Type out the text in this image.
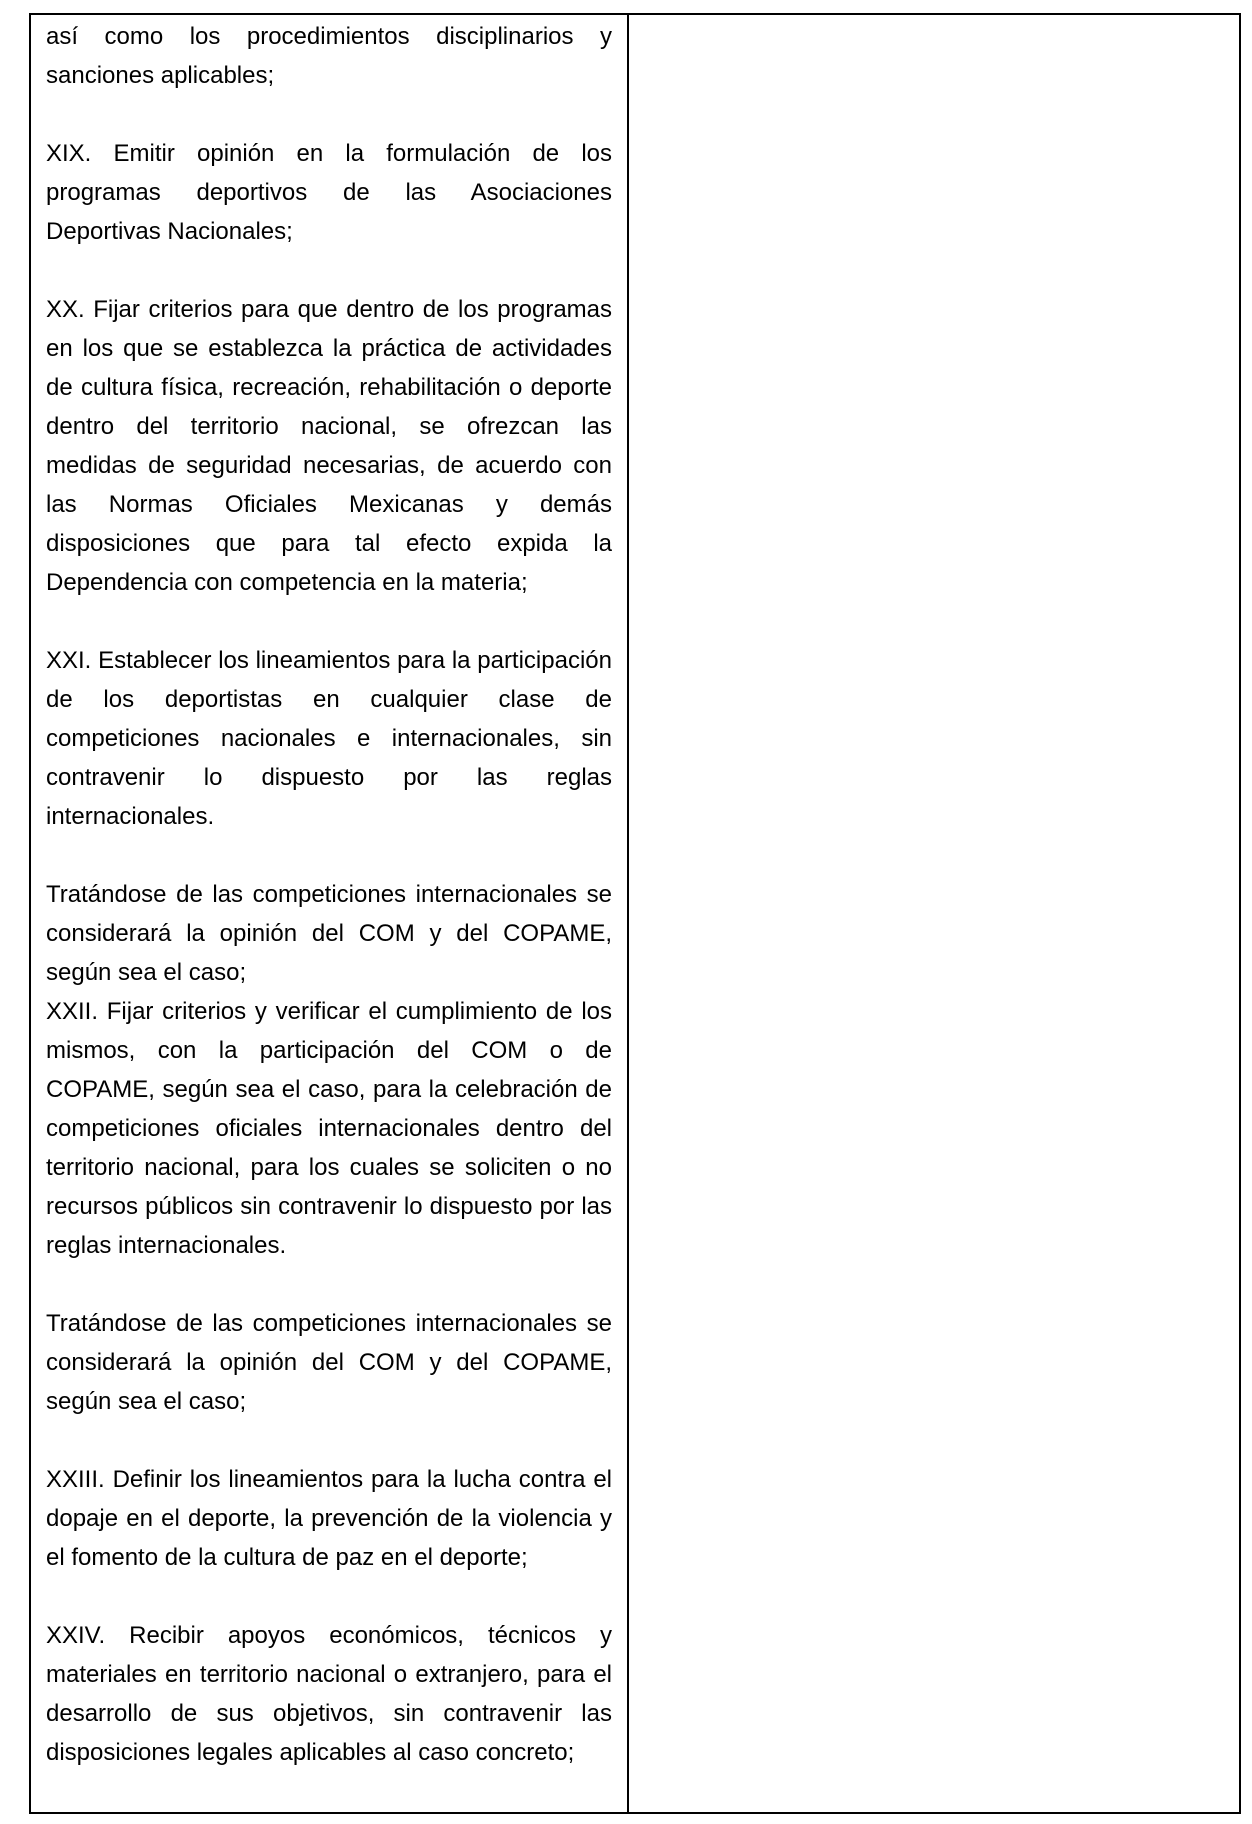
así como los procedimientos disciplinarios y sanciones aplicables;

XIX. Emitir opinión en la formulación de los programas deportivos de las Asociaciones Deportivas Nacionales;

XX. Fijar criterios para que dentro de los programas en los que se establezca la práctica de actividades de cultura física, recreación, rehabilitación o deporte dentro del territorio nacional, se ofrezcan las medidas de seguridad necesarias, de acuerdo con las Normas Oficiales Mexicanas y demás disposiciones que para tal efecto expida la Dependencia con competencia en la materia;

XXI. Establecer los lineamientos para la participación de los deportistas en cualquier clase de competiciones nacionales e internacionales, sin contravenir lo dispuesto por las reglas internacionales.

Tratándose de las competiciones internacionales se considerará la opinión del COM y del COPAME, según sea el caso;

XXII. Fijar criterios y verificar el cumplimiento de los mismos, con la participación del COM o de COPAME, según sea el caso, para la celebración de competiciones oficiales internacionales dentro del territorio nacional, para los cuales se soliciten o no recursos públicos sin contravenir lo dispuesto por las reglas internacionales.

Tratándose de las competiciones internacionales se considerará la opinión del COM y del COPAME, según sea el caso;

XXIII. Definir los lineamientos para la lucha contra el dopaje en el deporte, la prevención de la violencia y el fomento de la cultura de paz en el deporte;

XXIV. Recibir apoyos económicos, técnicos y materiales en territorio nacional o extranjero, para el desarrollo de sus objetivos, sin contravenir las disposiciones legales aplicables al caso concreto;
